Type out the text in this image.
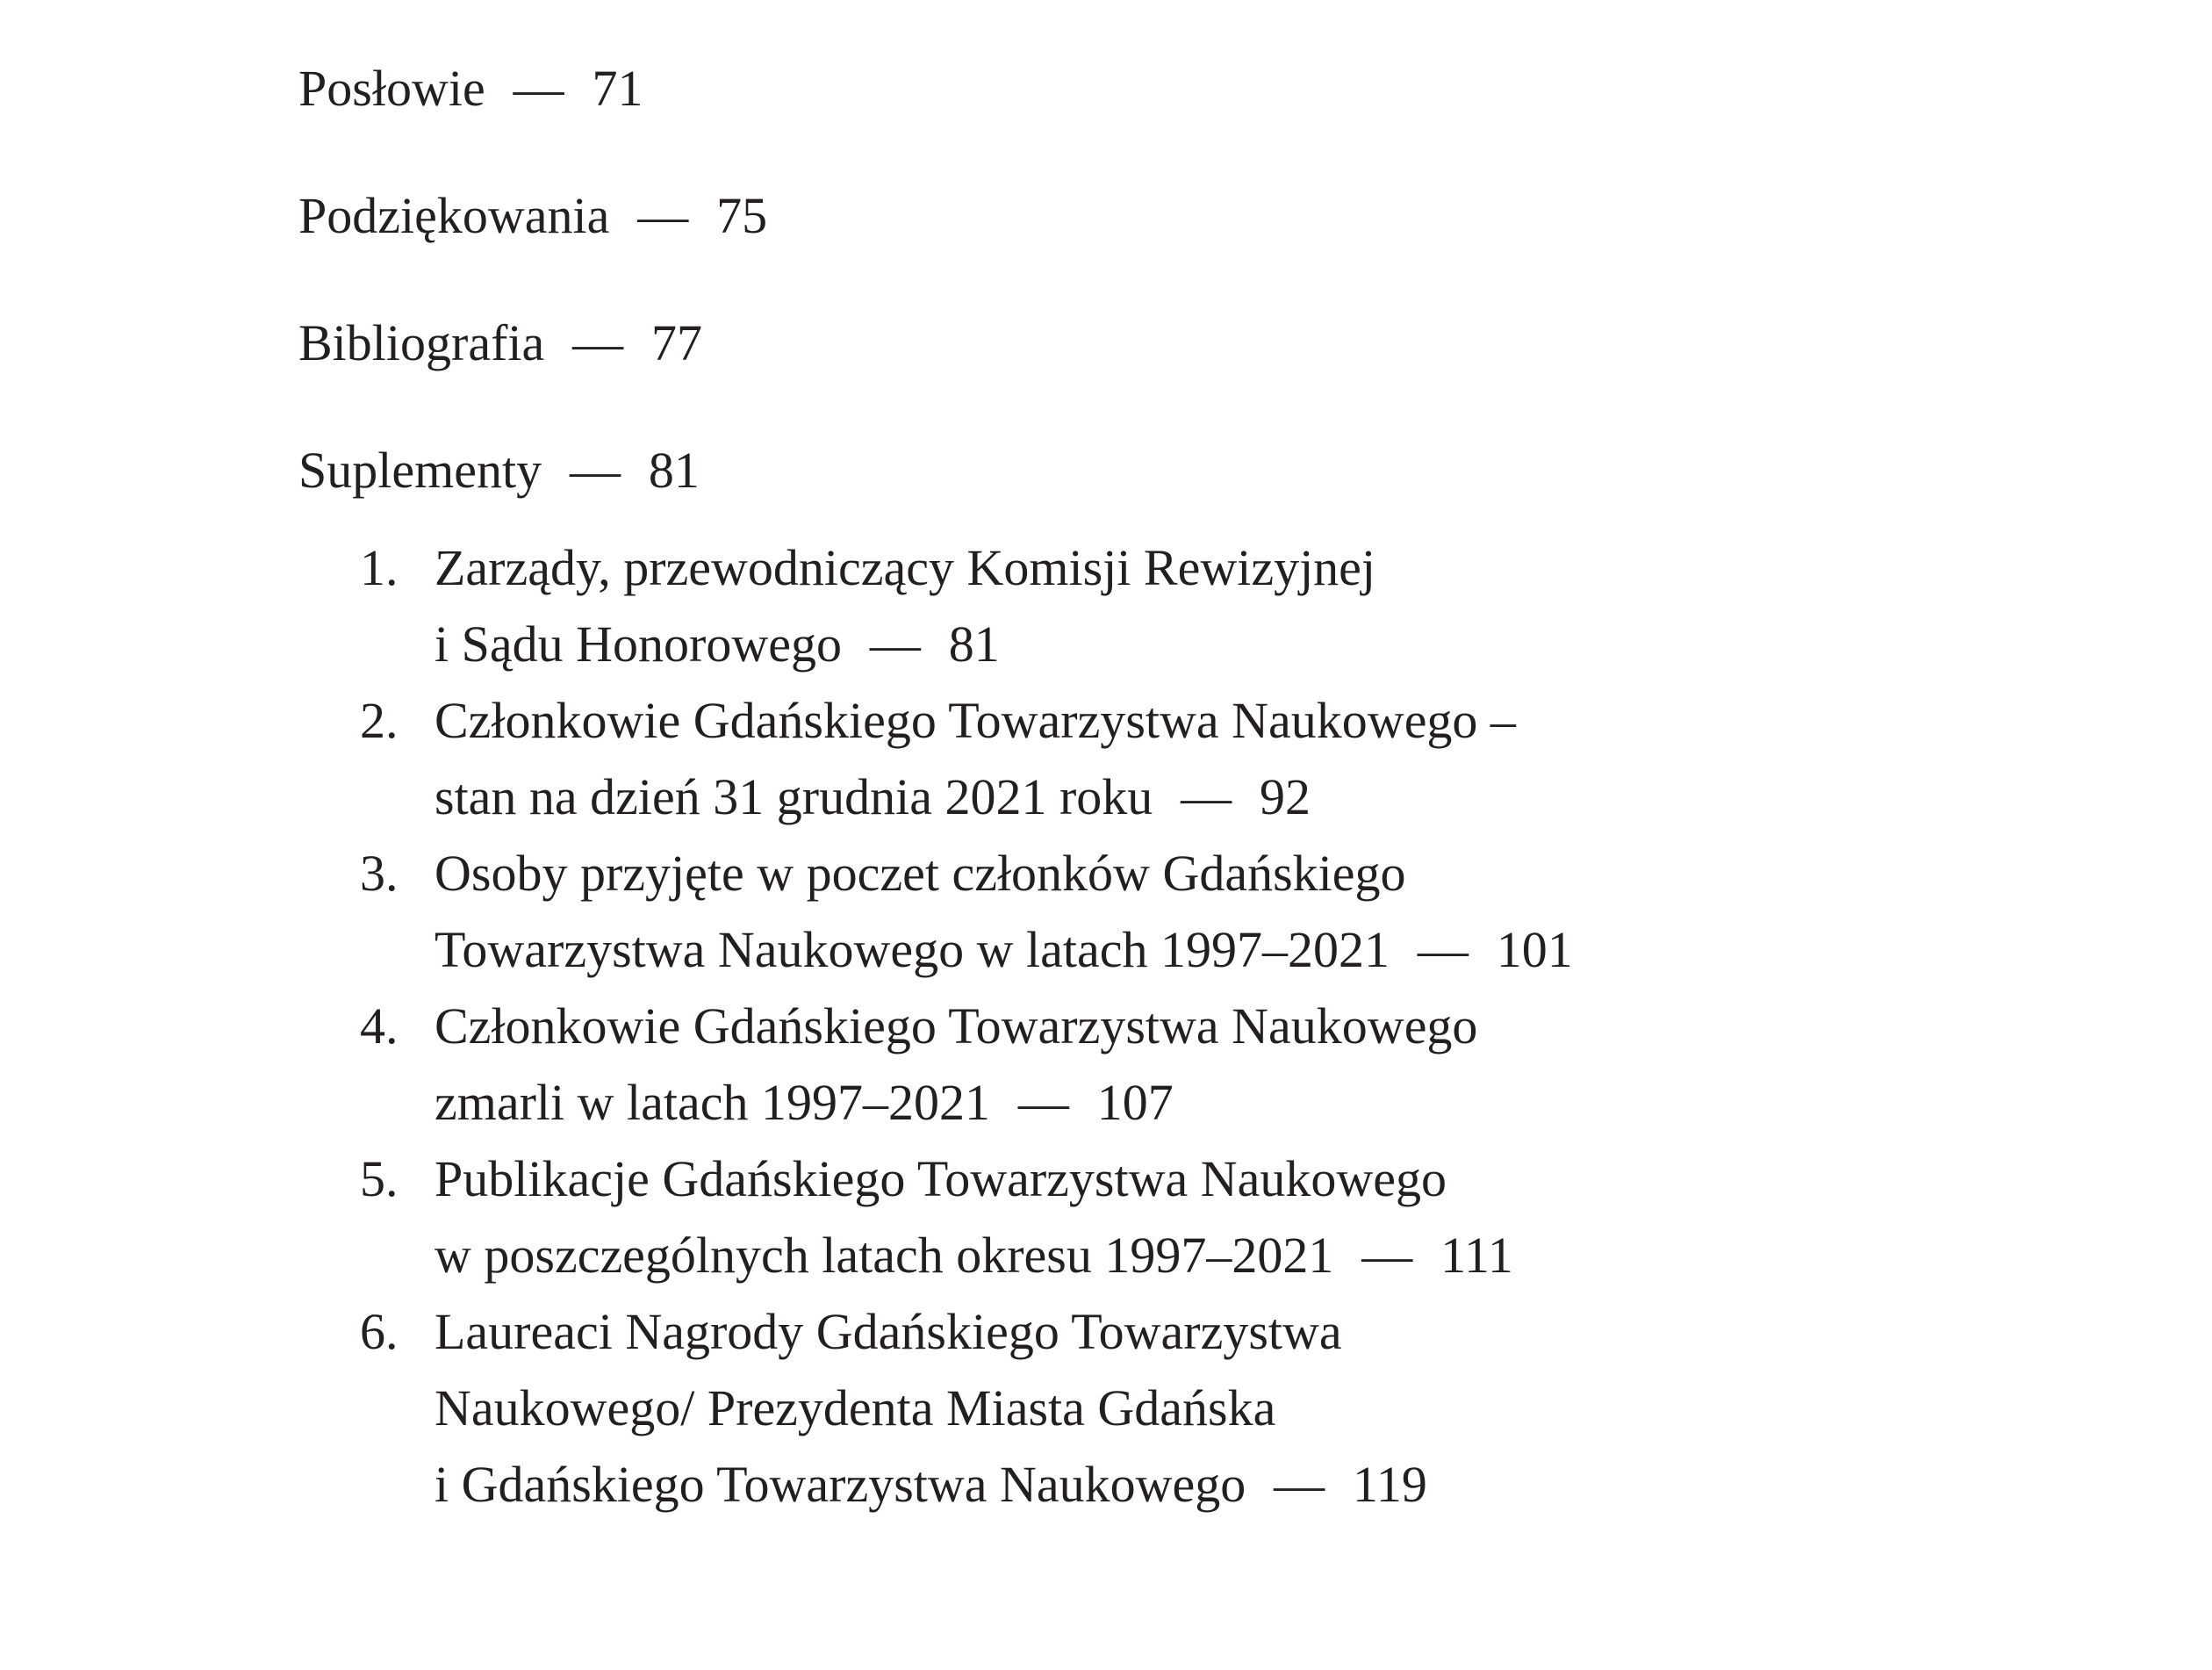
Posłowie — 71
Podziękowania — 75
Bibliografia — 77
Suplementy — 81
1. Zarządy, przewodniczący Komisji Rewizyjnej
i Sądu Honorowego — 81
2. Członkowie Gdańskiego Towarzystwa Naukowego –
stan na dzień 31 grudnia 2021 roku — 92
3. Osoby przyjęte w poczet członków Gdańskiego
Towarzystwa Naukowego w latach 1997–2021 — 101
4. Członkowie Gdańskiego Towarzystwa Naukowego
zmarli w latach 1997–2021 — 107
5. Publikacje Gdańskiego Towarzystwa Naukowego
w poszczególnych latach okresu 1997–2021 — 111
6. Laureaci Nagrody Gdańskiego Towarzystwa
Naukowego/ Prezydenta Miasta Gdańska
i Gdańskiego Towarzystwa Naukowego — 119
